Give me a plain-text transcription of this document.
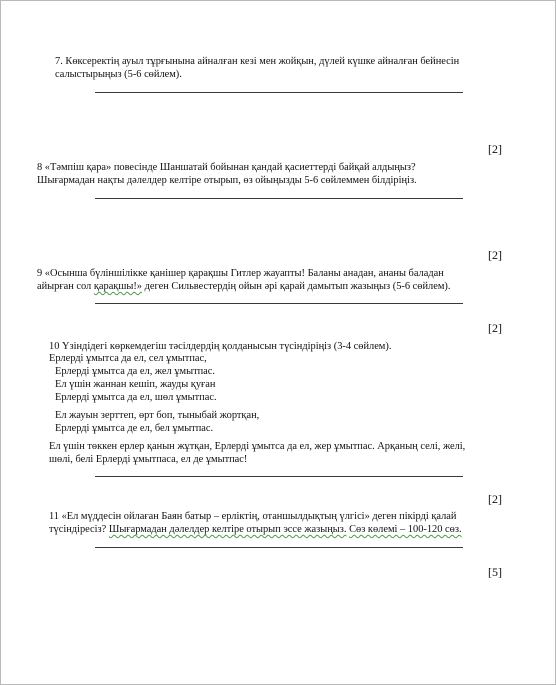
7. Көксеректің ауыл тұрғынына айналған кезі мен жойқын, дүлей күшке айналған бейнесін
салыстырыңыз (5-6 сөйлем).
[2]
8 «Тәмпіш қара» повесінде Шаншатай бойынан қандай қасиеттерді байқай алдыңыз?
Шығармадан нақты дәлелдер келтіре отырып, өз ойыңызды 5-6 сөйлеммен білдіріңіз.
[2]
9 «Осынша бүлiншiлiкке қанiшер қарақшы Гитлер жауапты! Баланы анадан, ананы баладан
айырған сол қарақшы!» деген Сильвестердің ойын әрі қарай дамытып жазыңыз (5-6 сөйлем).
[2]
10 Үзіндідегі көркемдегіш тәсілдердің қолданысын түсіндіріңіз (3-4 сөйлем).
Ерлерді ұмытса да ел, сел ұмытпас,
Ерлерді ұмытса да ел, жел ұмытпас.
Ел үшін жаннан кешіп, жауды қуған
Ерлерді ұмытса да ел, шөл ұмытпас.
Ел жауын зерттеп, өрт боп, тыныбай жортқан,
Ерлерді ұмытса де ел, бел ұмытпас.
Ел үшін төккен ерлер қанын жұтқан, Ерлерді ұмытса да ел, жер ұмытпас. Арқаның селі, желі,
шөлі, белі Ерлерді ұмытпаса, ел де ұмытпас!
[2]
11 «Ел мүддесін ойлаған Баян батыр – ерліктің, отаншылдықтың үлгісі» деген пікірді қалай
түсіндіресіз? Шығармадан дәлелдер келтіре отырып эссе жазыңыз. Сөз көлемі – 100-120 сөз.
[5]
